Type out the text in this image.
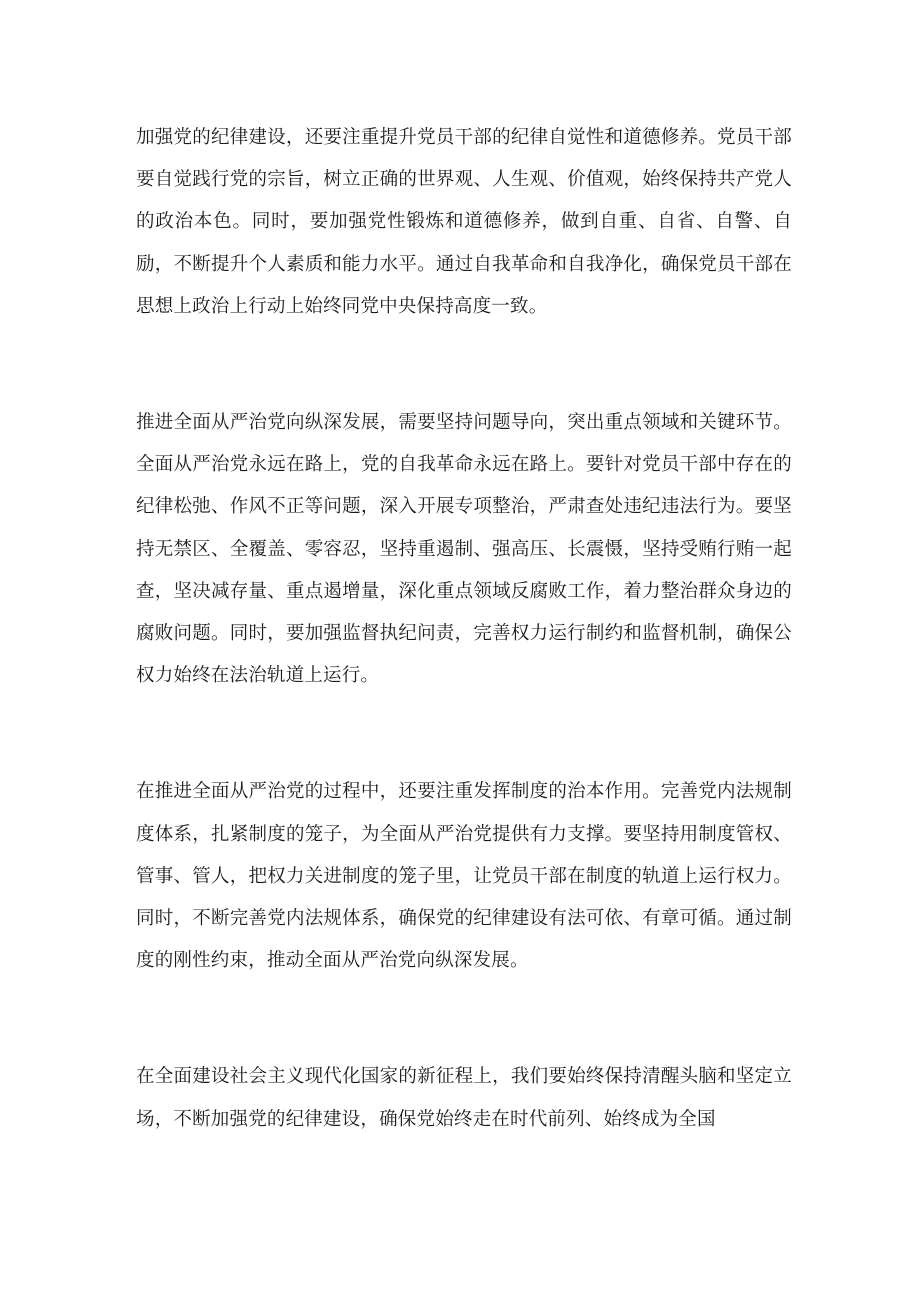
加强党的纪律建设，还要注重提升党员干部的纪律自觉性和道德修养。党员干部要自觉践行党的宗旨，树立正确的世界观、人生观、价值观，始终保持共产党人的政治本色。同时，要加强党性锻炼和道德修养，做到自重、自省、自警、自励，不断提升个人素质和能力水平。通过自我革命和自我净化，确保党员干部在思想上政治上行动上始终同党中央保持高度一致。

推进全面从严治党向纵深发展，需要坚持问题导向，突出重点领域和关键环节。全面从严治党永远在路上，党的自我革命永远在路上。要针对党员干部中存在的纪律松弛、作风不正等问题，深入开展专项整治，严肃查处违纪违法行为。要坚持无禁区、全覆盖、零容忍，坚持重遏制、强高压、长震慑，坚持受贿行贿一起查，坚决减存量、重点遏增量，深化重点领域反腐败工作，着力整治群众身边的腐败问题。同时，要加强监督执纪问责，完善权力运行制约和监督机制，确保公权力始终在法治轨道上运行。

在推进全面从严治党的过程中，还要注重发挥制度的治本作用。完善党内法规制度体系，扎紧制度的笼子，为全面从严治党提供有力支撑。要坚持用制度管权、管事、管人，把权力关进制度的笼子里，让党员干部在制度的轨道上运行权力。同时，不断完善党内法规体系，确保党的纪律建设有法可依、有章可循。通过制度的刚性约束，推动全面从严治党向纵深发展。

在全面建设社会主义现代化国家的新征程上，我们要始终保持清醒头脑和坚定立场，不断加强党的纪律建设，确保党始终走在时代前列、始终成为全国
